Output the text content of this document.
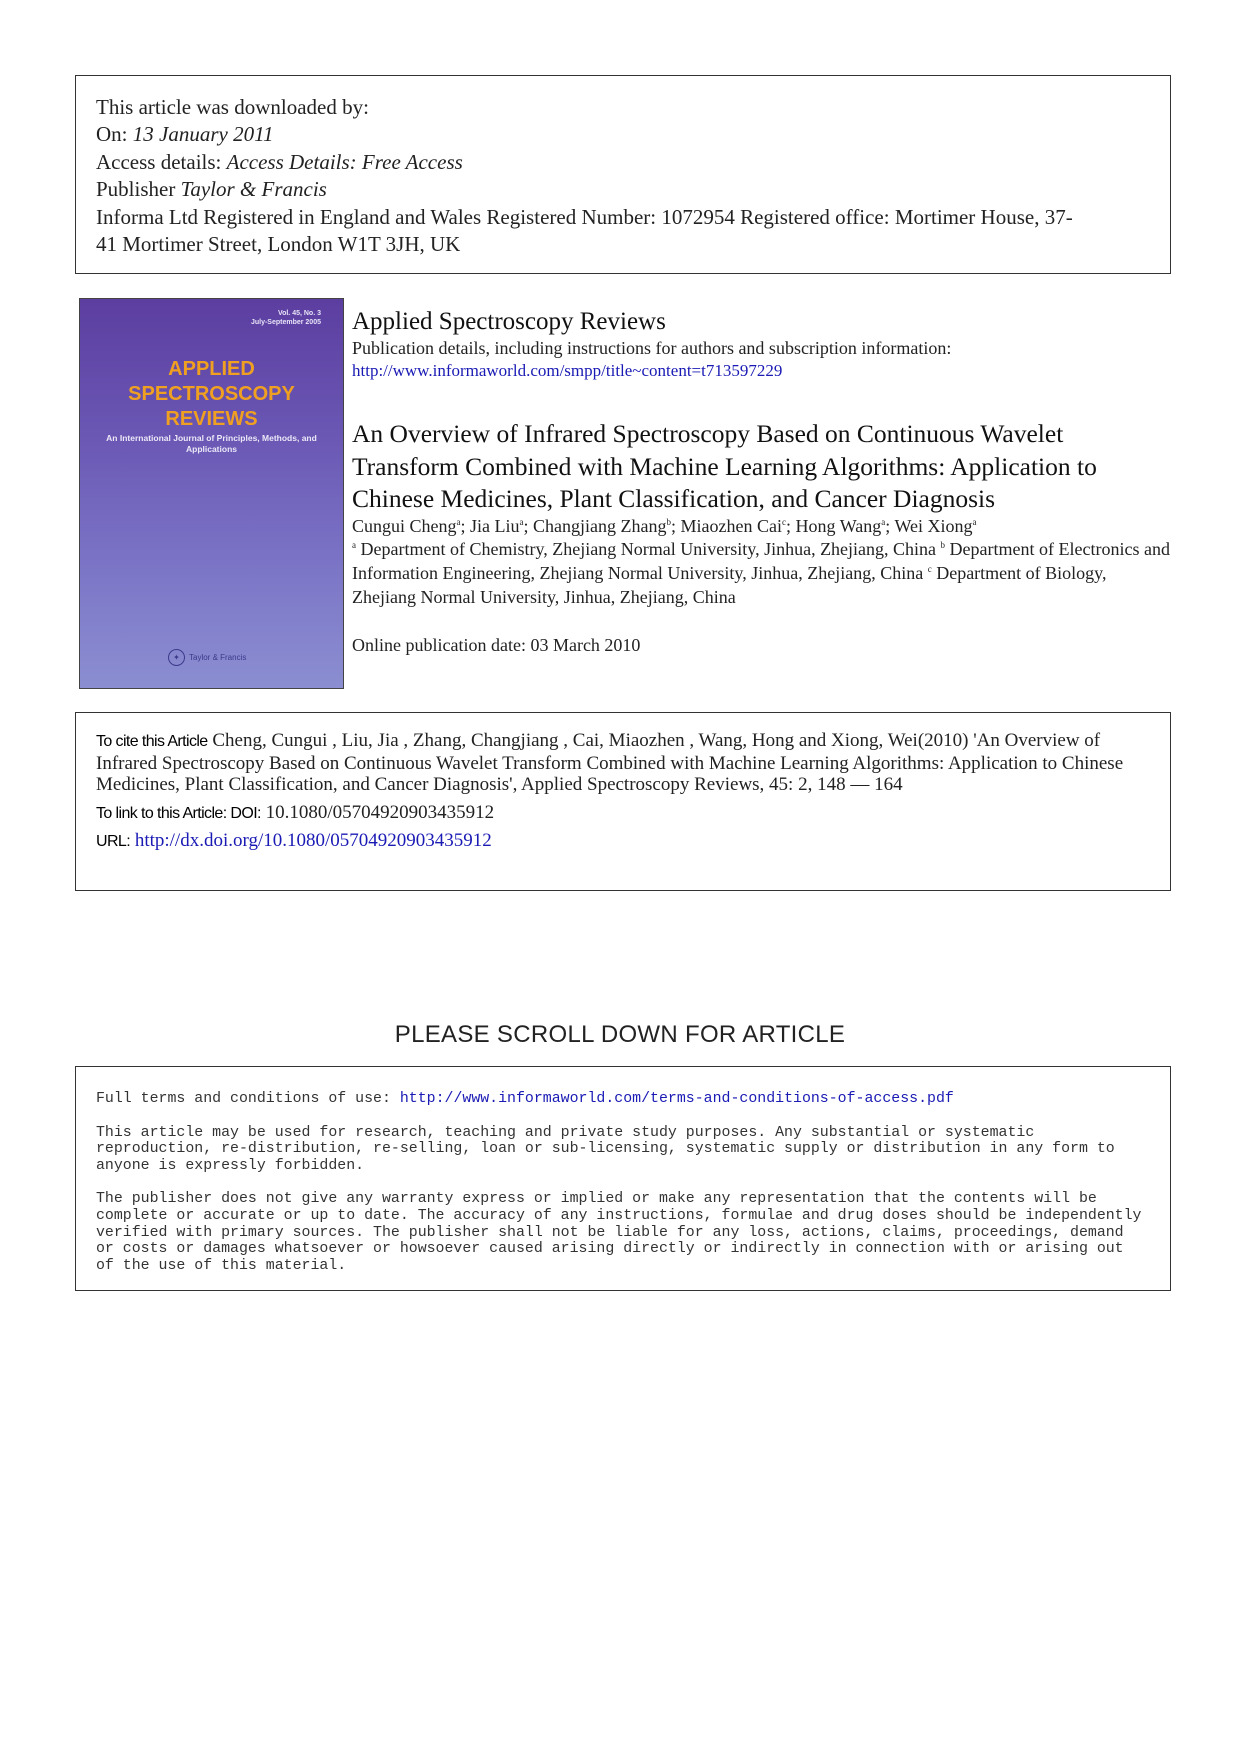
This article was downloaded by:
On: 13 January 2011
Access details: Access Details: Free Access
Publisher Taylor & Francis
Informa Ltd Registered in England and Wales Registered Number: 1072954 Registered office: Mortimer House, 37-
41 Mortimer Street, London W1T 3JH, UK
Vol. 45, No. 3
July-September 2005
APPLIED
SPECTROSCOPY
REVIEWS
An International Journal of Principles, Methods, and Applications
✦	Taylor & Francis
Applied Spectroscopy Reviews
Publication details, including instructions for authors and subscription information:
http://www.informaworld.com/smpp/title~content=t713597229
An Overview of Infrared Spectroscopy Based on Continuous Wavelet Transform Combined with Machine Learning Algorithms: Application to Chinese Medicines, Plant Classification, and Cancer Diagnosis
Cungui Cheng$^a$; Jia Liu$^a$; Changjiang Zhang$^b$; Miaozhen Cai$^c$; Hong Wang$^a$; Wei Xiong$^a$
$^a$ Department of Chemistry, Zhejiang Normal University, Jinhua, Zhejiang, China $^b$ Department of Electronics and Information Engineering, Zhejiang Normal University, Jinhua, Zhejiang, China $^c$ Department of Biology, Zhejiang Normal University, Jinhua, Zhejiang, China
Online publication date: 03 March 2010
To cite this Article Cheng, Cungui , Liu, Jia , Zhang, Changjiang , Cai, Miaozhen , Wang, Hong and Xiong, Wei(2010) 'An Overview of Infrared Spectroscopy Based on Continuous Wavelet Transform Combined with Machine Learning Algorithms: Application to Chinese Medicines, Plant Classification, and Cancer Diagnosis', Applied Spectroscopy Reviews, 45: 2, 148 — 164
To link to this Article: DOI: 10.1080/05704920903435912
URL: http://dx.doi.org/10.1080/05704920903435912
PLEASE SCROLL DOWN FOR ARTICLE

Full terms and conditions of use: http://www.informaworld.com/terms-and-conditions-of-access.pdf

This article may be used for research, teaching and private study purposes. Any substantial or systematic reproduction, re-distribution, re-selling, loan or sub-licensing, systematic supply or distribution in any form to anyone is expressly forbidden.

The publisher does not give any warranty express or implied or make any representation that the contents will be complete or accurate or up to date. The accuracy of any instructions, formulae and drug doses should be independently verified with primary sources. The publisher shall not be liable for any loss, actions, claims, proceedings, demand or costs or damages whatsoever or howsoever caused arising directly or indirectly in connection with or arising out of the use of this material.
